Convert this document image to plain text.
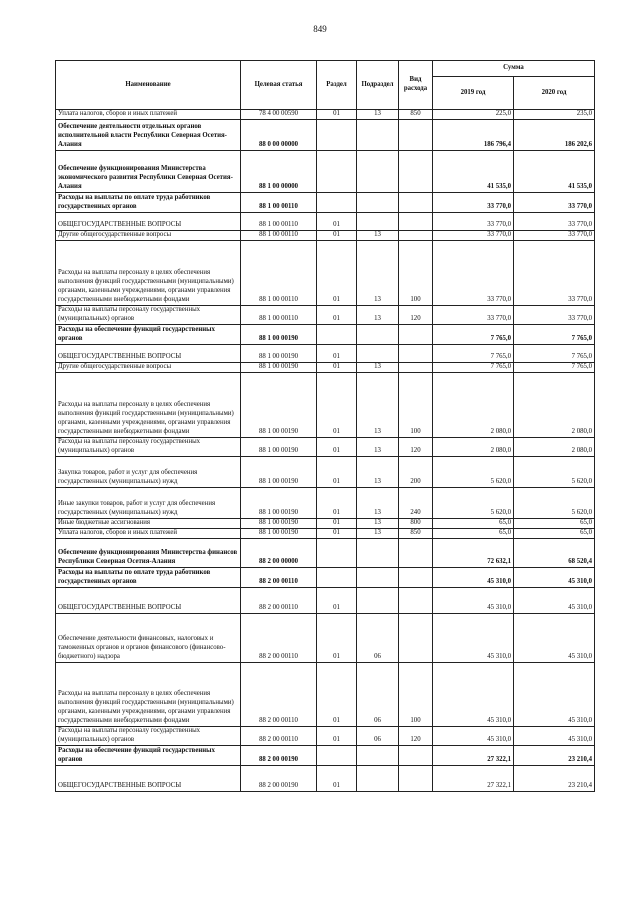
849
Наименование	Целевая статья	Раздел	Подраздел	Вид расхода	Сумма	
					2019 год	2020 год
Уплата налогов, сборов и иных платежей	78 4 00 00590	01	13	850	225,0	235,0
Обеспечение деятельности отдельных органов исполнительной власти Республики Северная Осетия-Алания	88 0 00 00000				186 796,4	186 202,6
Обеспечение функционирования Министерства экономического развития Республики Северная Осетия-Алания	88 1 00 00000				41 535,0	41 535,0
Расходы на выплаты по оплате труда работников государственных органов	88 1 00 00110				33 770,0	33 770,0
ОБЩЕГОСУДАРСТВЕННЫЕ ВОПРОСЫ	88 1 00 00110	01			33 770,0	33 770,0
Другие общегосударственные вопросы	88 1 00 00110	01	13		33 770,0	33 770,0
Расходы на выплаты персоналу в целях обеспечения выполнения функций государственными (муниципальными) органами, казенными учреждениями, органами управления государственными внебюджетными фондами	88 1 00 00110	01	13	100	33 770,0	33 770,0
Расходы на выплаты персоналу государственных (муниципальных) органов	88 1 00 00110	01	13	120	33 770,0	33 770,0
Расходы на обеспечение функций государственных органов	88 1 00 00190				7 765,0	7 765,0
ОБЩЕГОСУДАРСТВЕННЫЕ ВОПРОСЫ	88 1 00 00190	01			7 765,0	7 765,0
Другие общегосударственные вопросы	88 1 00 00190	01	13		7 765,0	7 765,0
Расходы на выплаты персоналу в целях обеспечения выполнения функций государственными (муниципальными) органами, казенными учреждениями, органами управления государственными внебюджетными фондами	88 1 00 00190	01	13	100	2 080,0	2 080,0
Расходы на выплаты персоналу государственных (муниципальных) органов	88 1 00 00190	01	13	120	2 080,0	2 080,0
Закупка товаров, работ и услуг для обеспечения государственных (муниципальных) нужд	88 1 00 00190	01	13	200	5 620,0	5 620,0
Иные закупки товаров, работ и услуг для обеспечения государственных (муниципальных) нужд	88 1 00 00190	01	13	240	5 620,0	5 620,0
Иные бюджетные ассигнования	88 1 00 00190	01	13	800	65,0	65,0
Уплата налогов, сборов и иных платежей	88 1 00 00190	01	13	850	65,0	65,0
Обеспечение функционирования Министерства финансов Республики Северная Осетия-Алания	88 2 00 00000				72 632,1	68 520,4
Расходы на выплаты по оплате труда работников государственных органов	88 2 00 00110				45 310,0	45 310,0
ОБЩЕГОСУДАРСТВЕННЫЕ ВОПРОСЫ	88 2 00 00110	01			45 310,0	45 310,0
Обеспечение деятельности финансовых, налоговых и таможенных органов и органов финансового (финансово-бюджетного) надзора	88 2 00 00110	01	06		45 310,0	45 310,0
Расходы на выплаты персоналу в целях обеспечения выполнения функций государственными (муниципальными) органами, казенными учреждениями, органами управления государственными внебюджетными фондами	88 2 00 00110	01	06	100	45 310,0	45 310,0
Расходы на выплаты персоналу государственных (муниципальных) органов	88 2 00 00110	01	06	120	45 310,0	45 310,0
Расходы на обеспечение функций государственных органов	88 2 00 00190				27 322,1	23 210,4
ОБЩЕГОСУДАРСТВЕННЫЕ ВОПРОСЫ	88 2 00 00190	01			27 322,1	23 210,4
